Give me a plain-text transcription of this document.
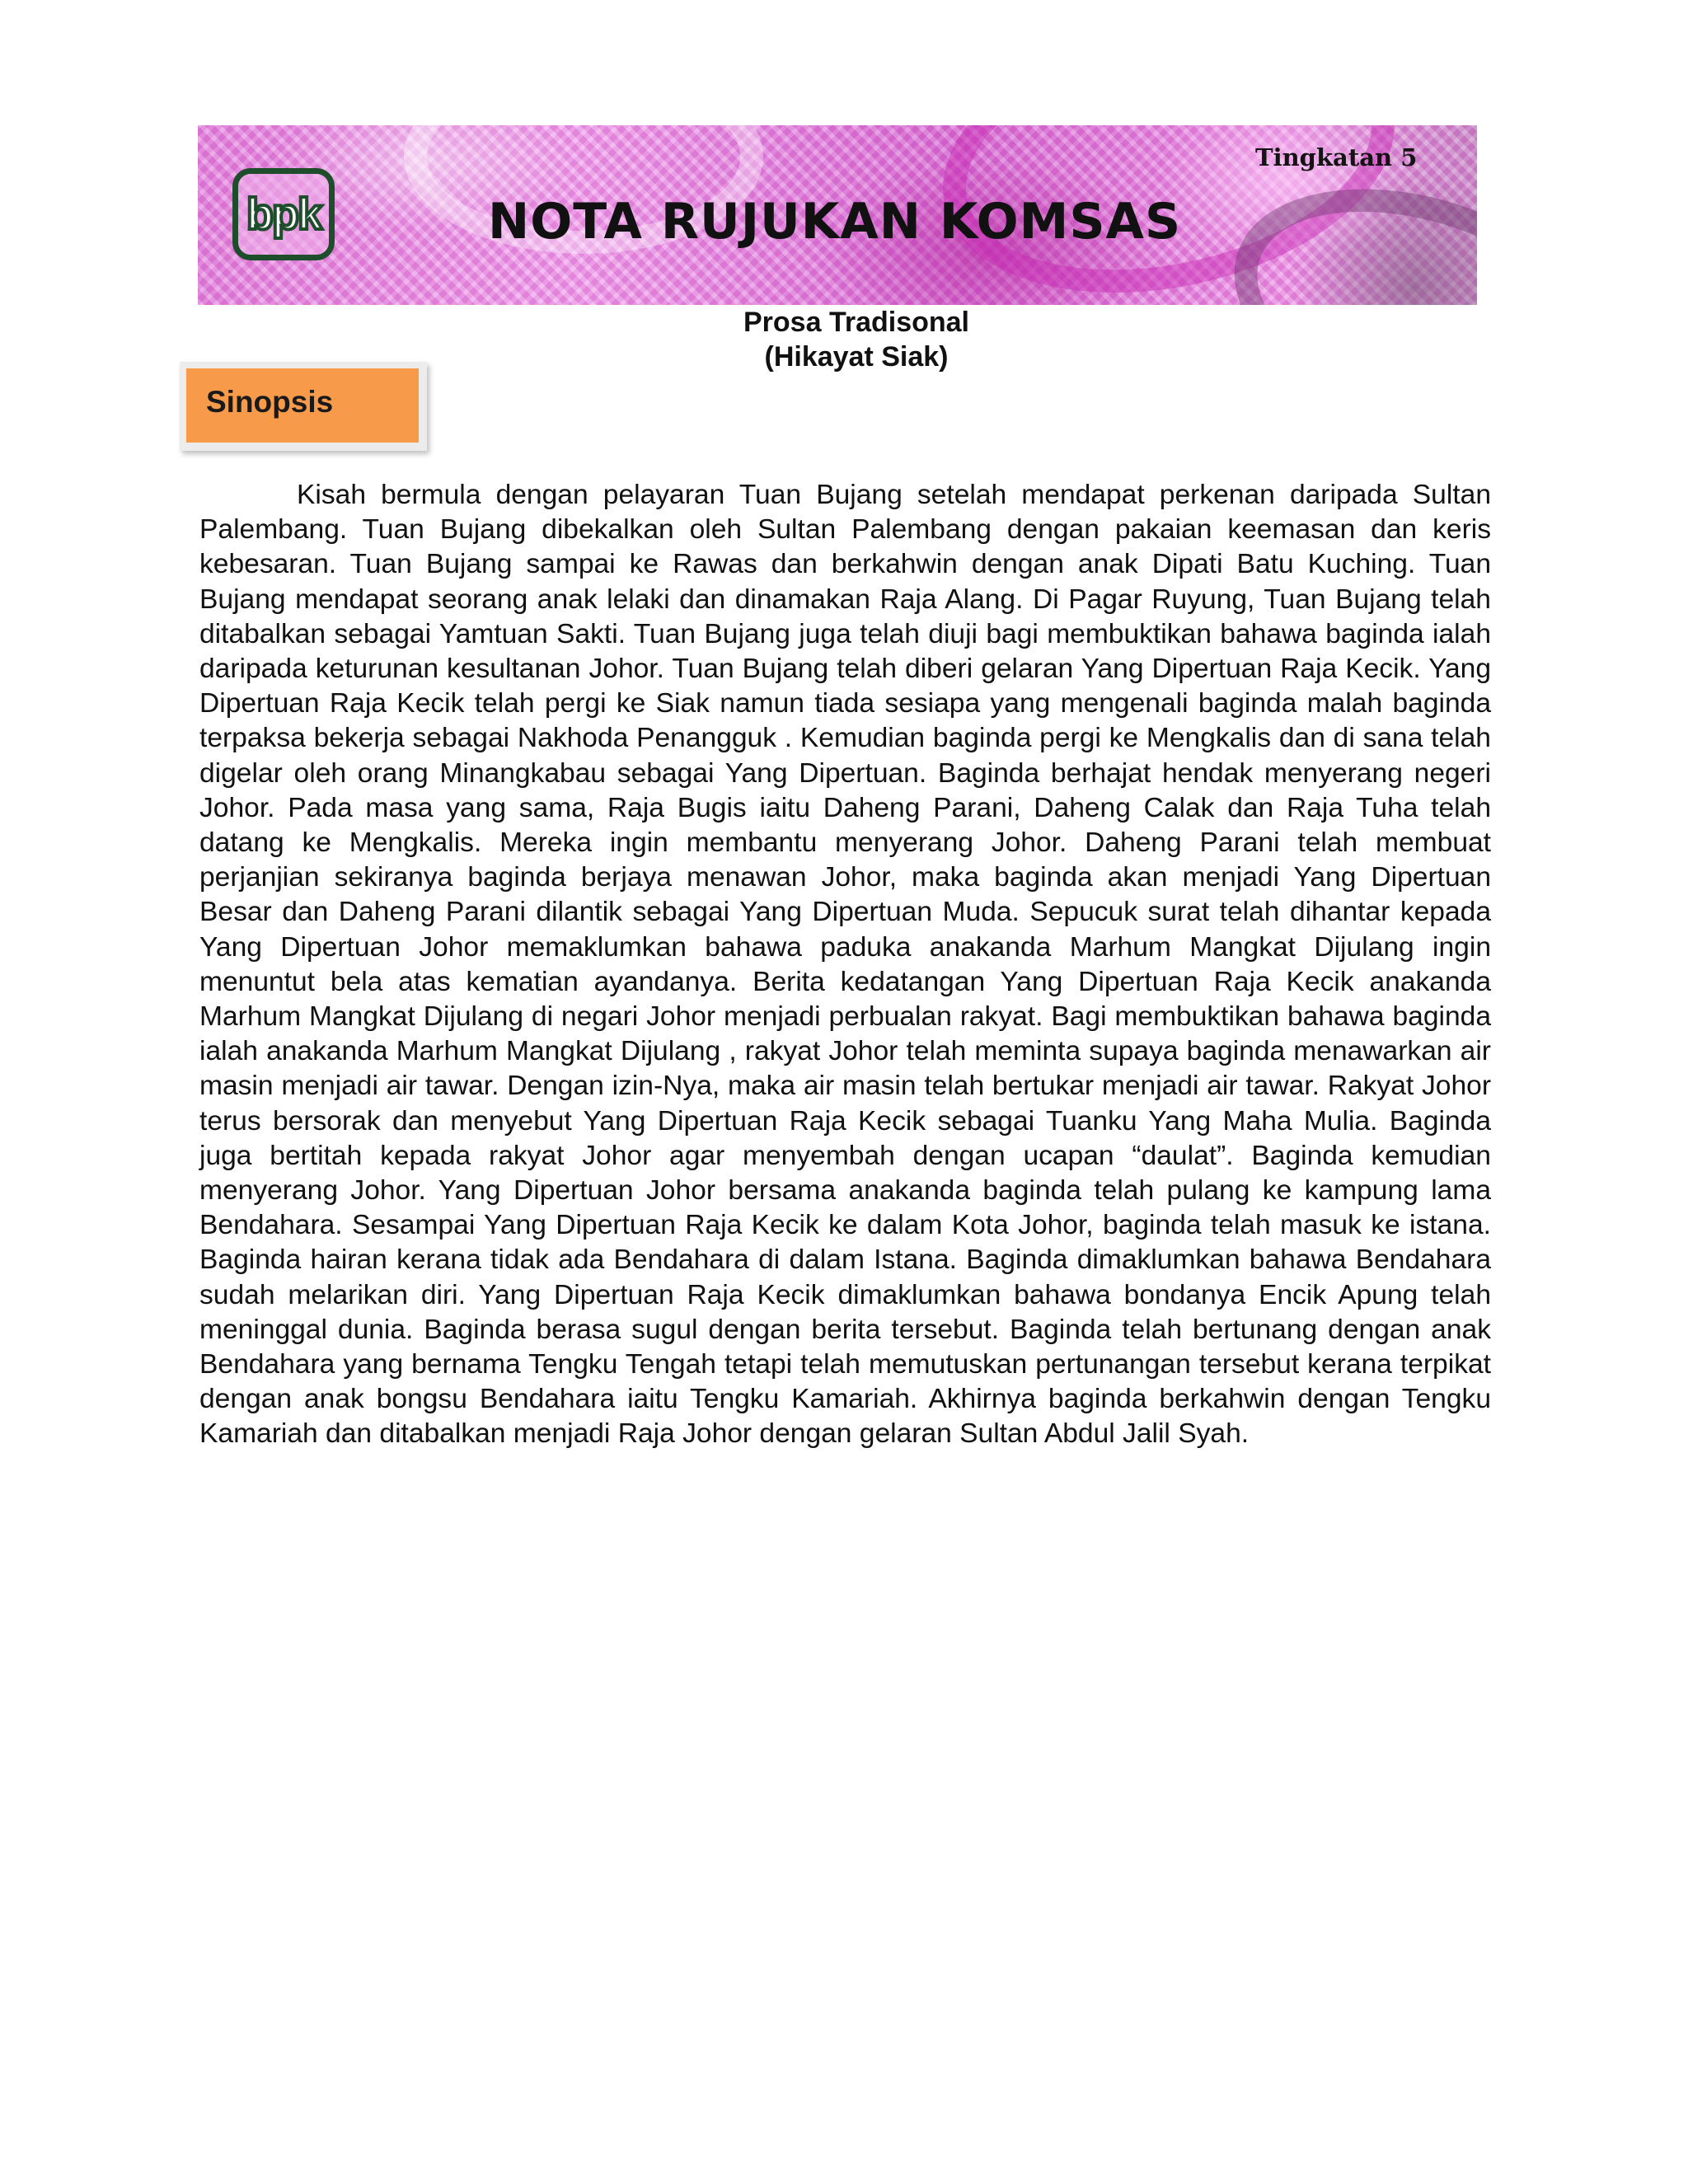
bpk	NOTA RUJUKAN KOMSAS
Tingkatan 5
Prosa Tradisonal
(Hikayat Siak)
Sinopsis

Kisah bermula dengan pelayaran Tuan Bujang setelah mendapat perkenan daripada Sultan Palembang. Tuan Bujang dibekalkan oleh Sultan Palembang dengan pakaian keemasan dan keris kebesaran. Tuan Bujang sampai ke Rawas dan berkahwin dengan anak Dipati Batu Kuching. Tuan Bujang mendapat seorang anak lelaki dan dinamakan Raja Alang. Di Pagar Ruyung, Tuan Bujang telah ditabalkan sebagai Yamtuan Sakti. Tuan Bujang juga telah diuji bagi membuktikan bahawa baginda ialah daripada keturunan kesultanan Johor. Tuan Bujang telah diberi gelaran Yang Dipertuan Raja Kecik. Yang Dipertuan Raja Kecik telah pergi ke Siak namun tiada sesiapa yang mengenali baginda malah baginda terpaksa bekerja sebagai Nakhoda Penangguk . Kemudian baginda pergi ke Mengkalis dan di sana telah digelar oleh orang Minangkabau sebagai Yang Dipertuan. Baginda berhajat hendak menyerang negeri Johor. Pada masa yang sama, Raja Bugis iaitu Daheng Parani, Daheng Calak dan Raja Tuha telah datang ke Mengkalis. Mereka ingin membantu menyerang Johor. Daheng Parani telah membuat perjanjian sekiranya baginda berjaya menawan Johor, maka baginda akan menjadi Yang Dipertuan Besar dan Daheng Parani dilantik sebagai Yang Dipertuan Muda. Sepucuk surat telah dihantar kepada Yang Dipertuan Johor memaklumkan bahawa paduka anakanda Marhum Mangkat Dijulang ingin menuntut bela atas kematian ayandanya. Berita kedatangan Yang Dipertuan Raja Kecik anakanda Marhum Mangkat Dijulang di negari Johor menjadi perbualan rakyat. Bagi membuktikan bahawa baginda ialah anakanda Marhum Mangkat Dijulang , rakyat Johor telah meminta supaya baginda menawarkan air masin menjadi air tawar. Dengan izin-Nya, maka air masin telah bertukar menjadi air tawar. Rakyat Johor terus bersorak dan menyebut Yang Dipertuan Raja Kecik sebagai Tuanku Yang Maha Mulia. Baginda juga bertitah kepada rakyat Johor agar menyembah dengan ucapan “daulat”. Baginda kemudian menyerang Johor. Yang Dipertuan Johor bersama anakanda baginda telah pulang ke kampung lama Bendahara. Sesampai Yang Dipertuan Raja Kecik ke dalam Kota Johor, baginda telah masuk ke istana. Baginda hairan kerana tidak ada Bendahara di dalam Istana. Baginda dimaklumkan bahawa Bendahara sudah melarikan diri. Yang Dipertuan Raja Kecik dimaklumkan bahawa bondanya Encik Apung telah meninggal dunia. Baginda berasa sugul dengan berita tersebut. Baginda telah bertunang dengan anak Bendahara yang bernama Tengku Tengah tetapi telah memutuskan pertunangan tersebut kerana terpikat dengan anak bongsu Bendahara iaitu Tengku Kamariah. Akhirnya baginda berkahwin dengan Tengku Kamariah dan ditabalkan menjadi Raja Johor dengan gelaran Sultan Abdul Jalil Syah.
